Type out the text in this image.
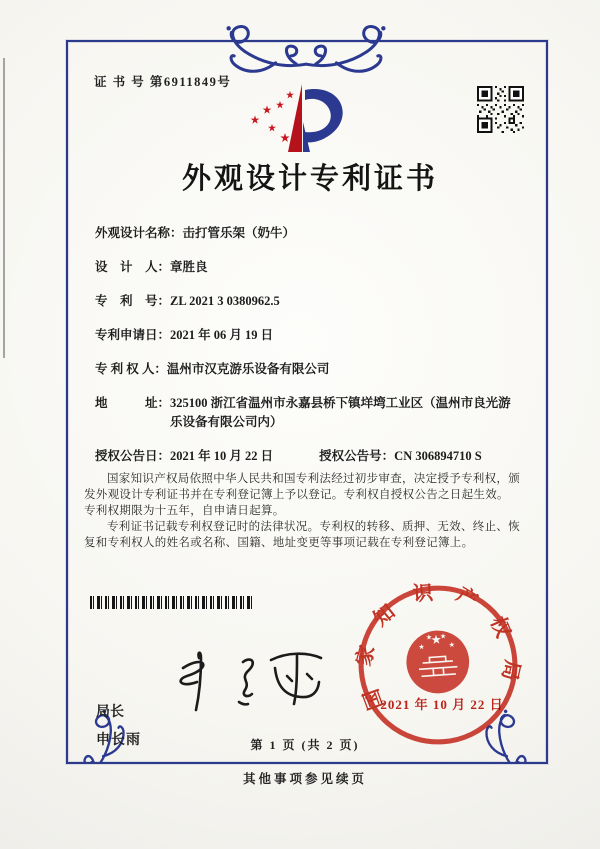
证 书 号 第6911849号
外观设计专利证书
外观设计名称： 击打管乐架（奶牛）
设　计　人： 章胜良
专　利　号： ZL 2021 3 0380962.5
专利申请日： 2021 年 06 月 19 日
专 利 权 人： 温州市汉克游乐设备有限公司
地　　　址： 325100 浙江省温州市永嘉县桥下镇垟塆工业区（温州市良光游乐设备有限公司内）
授权公告日： 2021 年 10 月 22 日	授权公告号： CN 306894710 S

国家知识产权局依照中华人民共和国专利法经过初步审查，决定授予专利权，颁发外观设计专利证书并在专利登记簿上予以登记。专利权自授权公告之日起生效。专利权期限为十五年，自申请日起算。

专利证书记载专利权登记时的法律状况。专利权的转移、质押、无效、终止、恢复和专利权人的姓名或名称、国籍、地址变更等事项记载在专利登记簿上。

局长
申长雨
国家知识产权局
2021 年 10 月 22 日
第 1 页 (共 2 页)
其他事项参见续页
